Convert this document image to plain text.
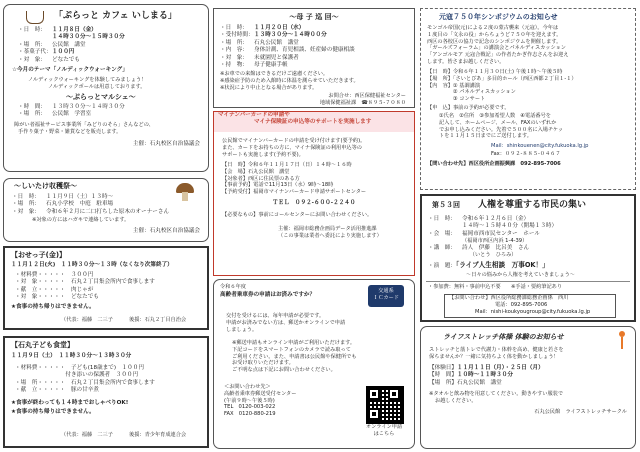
「ぷらっと カフェ いしまる」

・日　時： １１月８日（金）

１４時３０分～１５時３０分

・場　所： 公民館　講堂

・茶菓子代：１００円

・対　象： どなたでも

☆今月のテーマ「ノルディックウォーキング」

ノルディックウォーキングを体験してみましょう！

ノルディックポールは用意しております。

～ぷらっとマルシェ～

・時　間： １３時３０分～１４時３０分

・場　所： 公民館　学習室

障がい者福祉サービス事業所「みどりのそら」さんなどの、

手作り菓子・野菜・雑貨などを販売します。

主催：石丸校区自治協議会

～しいたけ収穫祭～

・日　時： １１月９日（土）１３時～

・場　所： 石丸小学校　中庭　駐車場

・対　象： 令和６年２月に二口打ちした原木のオーナーさん

※対象の方にはハガキで連絡しています。

主催：石丸校区自治協議会

【おせっ子(金)】

１１月１２日(火)　１１時３０分～１３時（なくなり次第終了）

・材料費・・・・・　３００円

・対　象・・・・・　石丸２丁目集会所内で食事します

・献　立・・・・・　肉じゃが

・対　象・・・・・　どなたでも

★食事の持ち帰りはできません。

（代表：福藤　二三子	後援：石丸２丁目自治会

【石丸子ども食堂】

１１月９日（土）　１１時３０分～１３時３０分

・材料費・・・・・　子ども(18歳まで)　１００円

　　　　付き添いの保護者　３００円

・場　所・・・・・　石丸２丁目集会所内で食事します

・献　立・・・・・　豚の甘辛煮

★食事が終わっても１４時までおしゃべりOK!

★食事の持ち帰りはできません。

（代表：福藤　二三子	後援：青少年育成連合会

～母 子 巡 回～

・日　時： １１月２０日（水）

・受付時間：１３時３０分～１４時００分

・場　所： 石丸公民館　講堂

・内　容： 身体計測、育児相談、妊産婦の健康相談

・対　象： 未就園児と保護者

・持　物： 母子健康手帳

※お車での来館はできるだけご遠慮ください。

※感染症予防のため入館時に体温を測らせていただきます。

※状況により中止となる場合があります。

お問合せ：西区保健福祉センター

地域保健福祉課　☎８９５-７０８０

マイナンバーカードの申請や

マイナ保険証の申込等のサポートを実施します

公民館でマイナンバーカードの申請を受け付けます(要予約)。

また、カードをお持ちの方に、マイナ保険証の利用申込等の

サポートも実施します(予約不要)。

【日　時】令和６年１１月１７日（日）１４時～１６時

【会　場】石丸公民館　講堂

【対象者】西区に住民票のある方

【事前予約】電話で11月13日（水）9時～18時

【予約受付】福岡市マイナンバーカード申請サポートセンター

ＴＥＬ　０９２-６００-２２４０

【必要なもの】事前にコールセンターにお問い合わせください。

主催：福岡市総務企画局データ活用推進課

（この事業は業者へ委託により実施します）

令和６年度

高齢者乗車券の申請はお済みですか？

交通系

ＩＣカード

交付を受けるには、毎年申請が必要です。

申請がお済みでない方は、郵送かオンラインで申請

しましょう。

※郵送申請もオンライン申請がご利用いただけます。

下記コードをスマートフォンのカメラで読み取って

ご利用ください。また、申請書は公民館や保健所でも

お受け取りいただけます。

ご不明な点は下記にお問い合わせください。

＜お問い合わせ先＞

高齢者乗車券郵送受付センター

(午前９時～午後５時)

TEL　0120-003-022

FAX　0120-880-219

オンライン申請

はこちら

元寇７５０年シンポジウムのお知らせ

モンゴル帝国(元)による２度の蒙古襲来（元寇）。今年は

１度目の「文永の役」からちょうど７５０年を迎えます。

西区の各校区の協力で記念のシンポジウムを開催します。

「ガールズフォーラム」の講演会とパネルディスカッション

「アンゴルモア 元寇合戦記」の作者たかぎ作志さんをお迎え

します。皆さまお越しください。

【日　時】令和６年１１月３０日(土) 午後１時～午後５時

【場　所】「さいとぴあ」多目的ホール（西区西都２丁目１-１）

【内　容】① 基調講演

② パネルディスカッション

③ コンサート

【申　込】事前の予約が必要です。

①氏名　②住所　③参加希望人数　④電話番号を

記入して、ホームページ、メール、FAXのいずれか

でお申し込みください。先着で５００名に入場チケッ

トを１１月１５日までにご送付します。

Mail：shinkouenen@city.fukuoka.lg.jp

Fax：０９２-８８５-０４６７

【問い合わせ先】西区役所企画振興課　092-895-7006

第５３回 人権を尊重する市民の集い

・日　時： 令和６年１２月６日（金）

１４時～１５時４０分（開場１３時）

・会　場： 福岡市西市民センター　ホール

（福岡市西区内浜 1-4-39）

・講　師： 詩人　伊藤　比呂美　さん

　　（いとう　ひろみ）

・演　題：「ライブ人生相談　万事OK！」

～日々の悩みから人権を考えていきましょう～

・参加費：無料・事前申込不要　　※手話・要約筆記あり

【お問い合わせ】西区役所総務課総務企画係　西川

電話：092-895-7006

Mail：nishi-koukyougroup@city.fukuoka.lg.jp

ライフストレッチ体操 体験のお知らせ

ストレッチと筋トレで代謝力・体幹を高め、健康と若さを

保ちませんか？一緒に気持ちよく体を動かしましょう！

【体験日】１１月１１日（月）・２５日（月）

【時　間】１０時～１１時３０分

【場　所】石丸公民館　講堂

※タオルと飲み物を用意してください。動きやすい服装で

お越しください。

石丸公民館　ライフストレッチサークル
